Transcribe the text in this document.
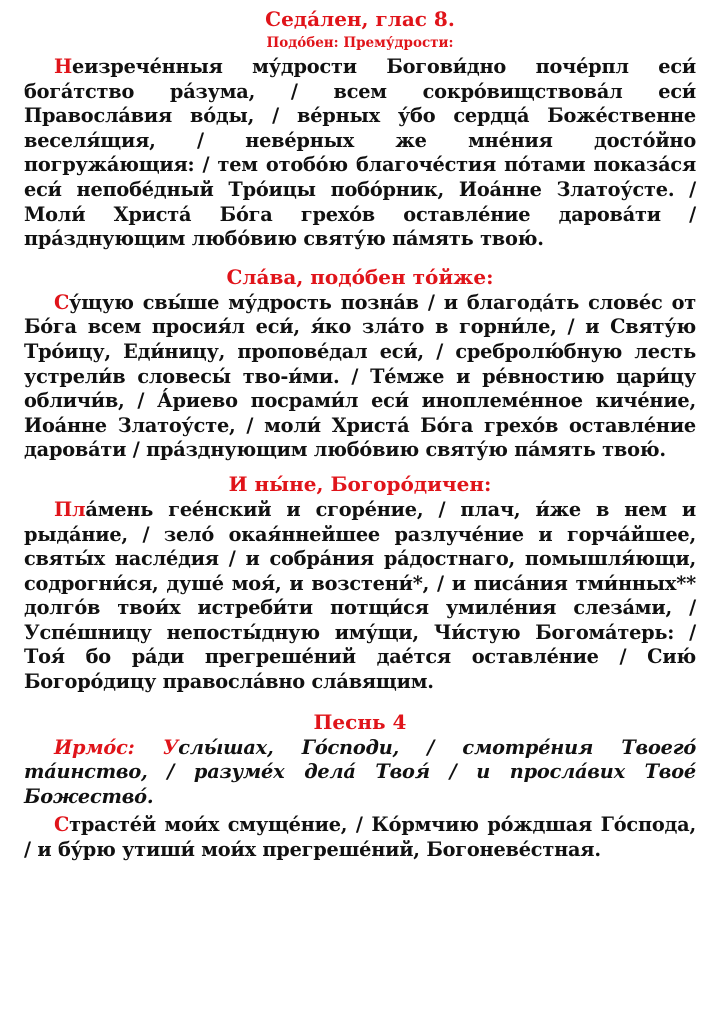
Седа́лен, глас 8.
Подо́бен: Прему́дрости:

Неизрече́нныя му́дрости Богови́дно почéрпл еси́ бога́тство ра́зума, / всем сокро́вищствова́л еси́ Правосла́вия во́ды, / ве́рных у́бо сердца́ Боже́ственне веселя́щия, / неве́рных же мне́ния досто́йно погружа́ющия: / тем отобо́ю благоче́стия по́тами показа́ся еси́ непобе́дный Тро́ицы побо́рник, Иоа́нне Златоу́сте. / Моли́ Христа́ Бо́га грехо́в оставле́ние дарова́ти / пра́зднующим любо́вию святу́ю па́мять твою́.

Сла́ва, подо́бен то́йже:

Су́щую свы́ше му́дрость позна́в / и благода́ть слове́с от Бо́га всем просия́л еси́, я́ко зла́то в горни́ле, / и Святу́ю Тро́ицу, Еди́ницу, пропове́дал еси́, / сребролю́бную лесть устрели́в словесы́ тво-и́ми. / Те́мже и ре́вностию цари́цу обличи́в, / А́риево посрами́л еси́ иноплеме́нное киче́ние, Иоа́нне Златоу́сте, / моли́ Христа́ Бо́га грехо́в оставле́ние дарова́ти / пра́зднующим любо́вию святу́ю па́мять твою́.

И ны́не, Богоро́дичен:

Пла́мень гее́нский и сгоре́ние, / плач, и́же в нем и рыда́ние, / зело́ окая́ннейшее разлуче́ние и горча́йшее, святы́х насле́дия / и собра́ния ра́достнаго, помышля́ющи, содрогни́ся, душе́ моя́, и возстени́*, / и писа́ния тми́нных** долго́в твои́х истреби́ти потщи́ся умиле́ния слеза́ми, / Успе́шницу непосты́дную иму́щи, Чи́стую Богома́терь: / Тоя́ бо ра́ди прегреше́ний дае́тся оставле́ние / Сию́ Богоро́дицу правосла́вно сла́вящим.

Песнь 4

Ирмо́с: Услы́шах, Го́споди, / смотре́ния Твоего́ та́инство, / разуме́х дела́ Твоя́ / и просла́вих Твое́ Божество́.

Страсте́й мои́х смуще́ние, / Ко́рмчию ро́ждшая Го́спода, / и бу́рю утиши́ мои́х прегреше́ний, Богоневе́стная.
